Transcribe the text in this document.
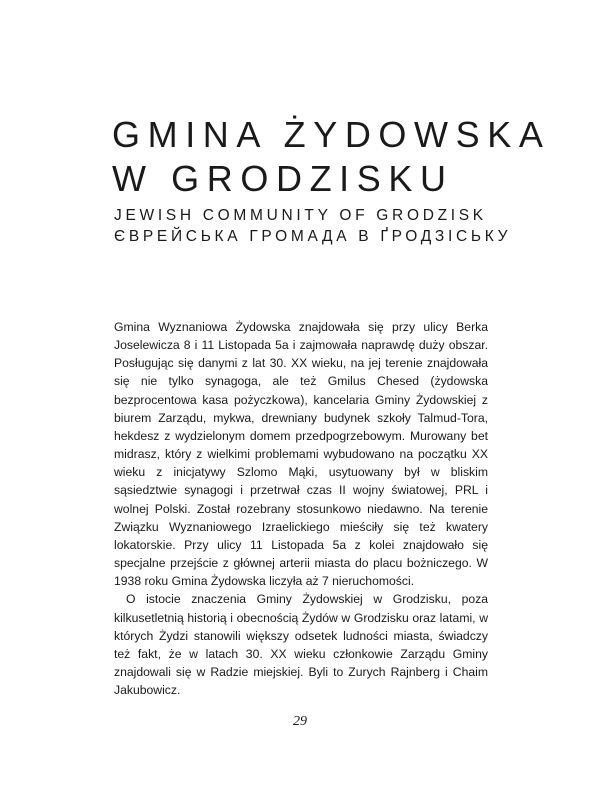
GMINA ŻYDOWSKA
W GRODZISKU
JEWISH COMMUNITY OF GRODZISK
ЄВРЕЙСЬКА ГРОМАДА В ҐРОДЗІСЬКУ

Gmina Wyznaniowa Żydowska znajdowała się przy ulicy Berka Joselewicza 8 i 11 Listopada 5a i zajmowała naprawdę duży obszar. Posługując się danymi z lat 30. XX wieku, na jej terenie znajdowała się nie tylko synagoga, ale też Gmilus Chesed (żydowska bezprocentowa kasa pożyczkowa), kancelaria Gminy Żydowskiej z biurem Zarządu, mykwa, drewniany budynek szkoły Talmud-Tora, hekdesz z wydzielonym domem przedpogrzebowym. Murowany bet midrasz, który z wielkimi problemami wybudowano na początku XX wieku z inicjatywy Szlomo Mąki, usytuowany był w bliskim sąsiedztwie synagogi i przetrwał czas II wojny światowej, PRL i wolnej Polski. Został rozebrany stosunkowo niedawno. Na terenie Związku Wyznaniowego Izraelickiego mieściły się też kwatery lokatorskie. Przy ulicy 11 Listopada 5a z kolei znajdowało się specjalne przejście z głównej arterii miasta do placu bożniczego. W 1938 roku Gmina Żydowska liczyła aż 7 nieruchomości.

O istocie znaczenia Gminy Żydowskiej w Grodzisku, poza kilkusetletnią historią i obecnością Żydów w Grodzisku oraz latami, w których Żydzi stanowili większy odsetek ludności miasta, świadczy też fakt, że w latach 30. XX wieku członkowie Zarządu Gminy znajdowali się w Radzie miejskiej. Byli to Zurych Rajnberg i Chaim Jakubowicz.

29
